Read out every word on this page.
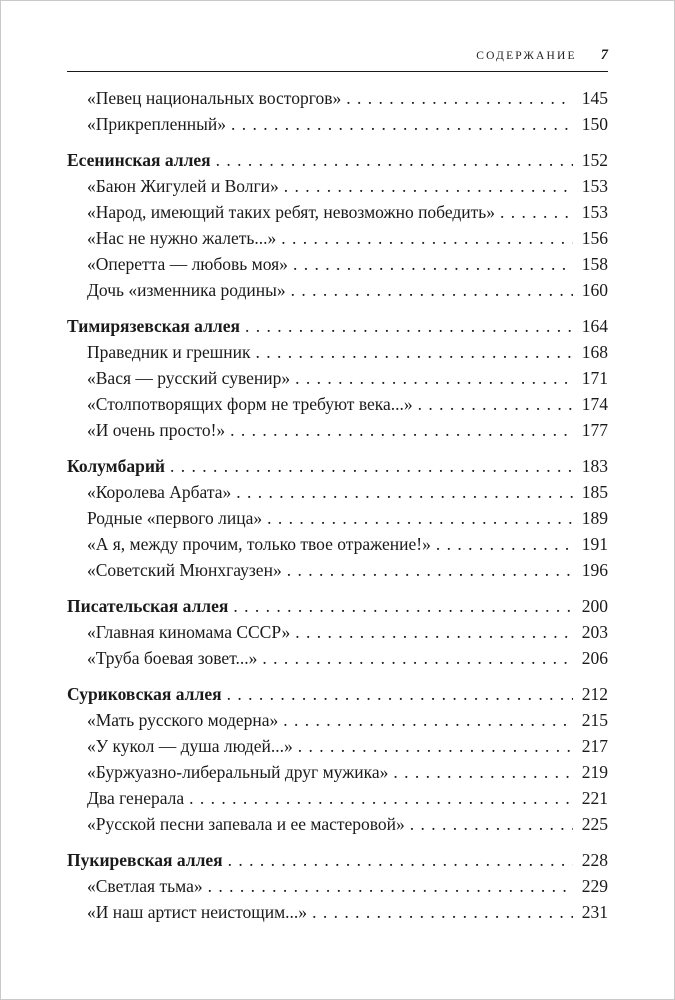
СОДЕРЖАНИЕ 7
«Певец национальных восторгов» . . .	145
«Прикрепленный» . . .	150
Есенинская аллея . . .	152
«Баюн Жигулей и Волги» . . .	153
«Народ, имеющий таких ребят, невозможно победить» . . .	153
«Нас не нужно жалеть...» . . .	156
«Оперетта — любовь моя» . . .	158
Дочь «изменника родины» . . .	160
Тимирязевская аллея . . .	164
Праведник и грешник . . .	168
«Вася — русский сувенир» . . .	171
«Столпотворящих форм не требуют века...» . . .	174
«И очень просто!» . . .	177
Колумбарий . . .	183
«Королева Арбата» . . .	185
Родные «первого лица» . . .	189
«А я, между прочим, только твое отражение!» . . .	191
«Советский Мюнхгаузен» . . .	196
Писательская аллея . . .	200
«Главная киномама СССР» . . .	203
«Труба боевая зовет...» . . .	206
Суриковская аллея . . .	212
«Мать русского модерна» . . .	215
«У кукол — душа людей...» . . .	217
«Буржуазно-либеральный друг мужика» . . .	219
Два генерала . . .	221
«Русской песни запевала и ее мастеровой» . . .	225
Пукиревская аллея . . .	228
«Светлая тьма» . . .	229
«И наш артист неистощим...» . . .	231
